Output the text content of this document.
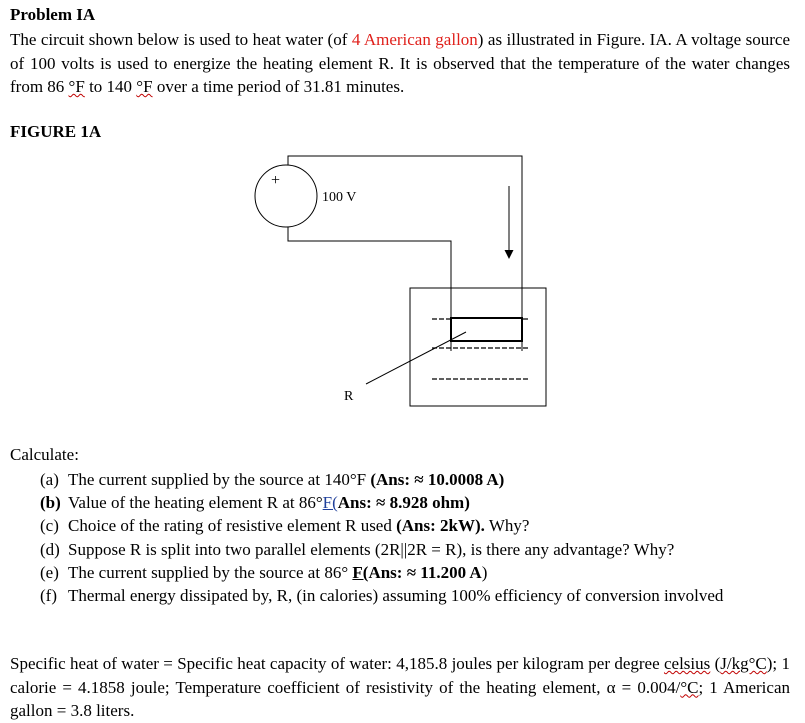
Problem IA
The circuit shown below is used to heat water (of 4 American gallon) as illustrated in Figure. IA. A voltage source of 100 volts is used to energize the heating element R. It is observed that the temperature of the water changes from 86 °F to 140 °F over a time period of 31.81 minutes.
FIGURE 1A
+
100 V
R
Calculate:
(a) The current supplied by the source at 140°F (Ans: ≈ 10.0008 A)
(b) Value of the heating element R at 86°F(Ans: ≈ 8.928 ohm)
(c) Choice of the rating of resistive element R used (Ans: 2kW). Why?
(d) Suppose R is split into two parallel elements (2R||2R = R), is there any advantage? Why?
(e) The current supplied by the source at 86° F(Ans: ≈ 11.200 A)
(f) Thermal energy dissipated by, R, (in calories) assuming 100% efficiency of conversion involved
Specific heat of water = Specific heat capacity of water: 4,185.8 joules per kilogram per degree celsius (J/kg°C); 1 calorie = 4.1858 joule; Temperature coefficient of resistivity of the heating element, α = 0.004/°C; 1 American gallon = 3.8 liters.
